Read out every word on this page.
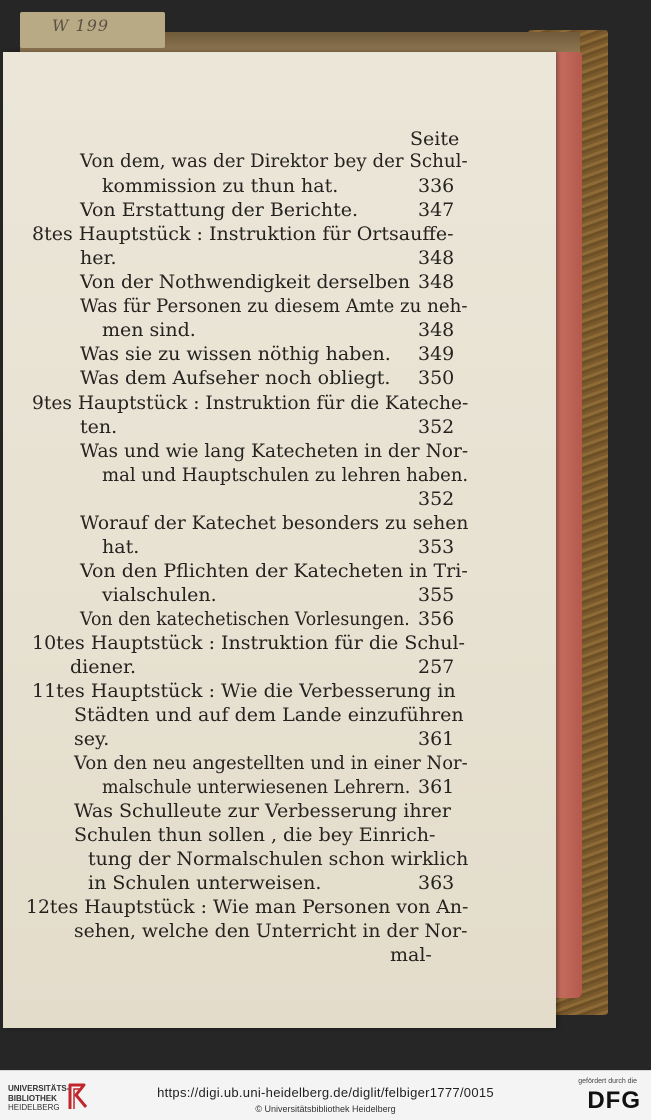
W 199
Seite
Von dem, was der Direktor bey der Schul-
kommission zu thun hat.	336
Von Erstattung der Berichte.	347
8tes Hauptstück : Instruktion für Ortsauffe-
her.	348
Von der Nothwendigkeit derselben 348
Was für Personen zu diesem Amte zu neh-
men sind.	348
Was sie zu wissen nöthig haben. 349
Was dem Aufseher noch obliegt. 350
9tes Hauptstück : Instruktion für die Kateche-
ten.	352
Was und wie lang Katecheten in der Nor-
mal und Hauptschulen zu lehren haben.
352
Worauf der Katechet besonders zu sehen
hat.	353
Von den Pflichten der Katecheten in Tri-
vialschulen.	355
Von den katechetischen Vorlesungen. 356
10tes Hauptstück : Instruktion für die Schul-
diener.	257
11tes Hauptstück : Wie die Verbesserung in
Städten und auf dem Lande einzuführen
sey.	361
Von den neu angestellten und in einer Nor-
malschule unterwiesenen Lehrern. 361
Was Schulleute zur Verbesserung ihrer
Schulen thun sollen , die bey Einrich-
tung der Normalschulen schon wirklich
in Schulen unterweisen.	363
12tes Hauptstück : Wie man Personen von An-
sehen, welche den Unterricht in der Nor-
mal-
UNIVERSITÄTS-
BIBLIOTHEK
HEIDELBERG
https://digi.ub.uni-heidelberg.de/diglit/felbiger1777/0015
© Universitätsbibliothek Heidelberg
gefördert durch die
DFG
